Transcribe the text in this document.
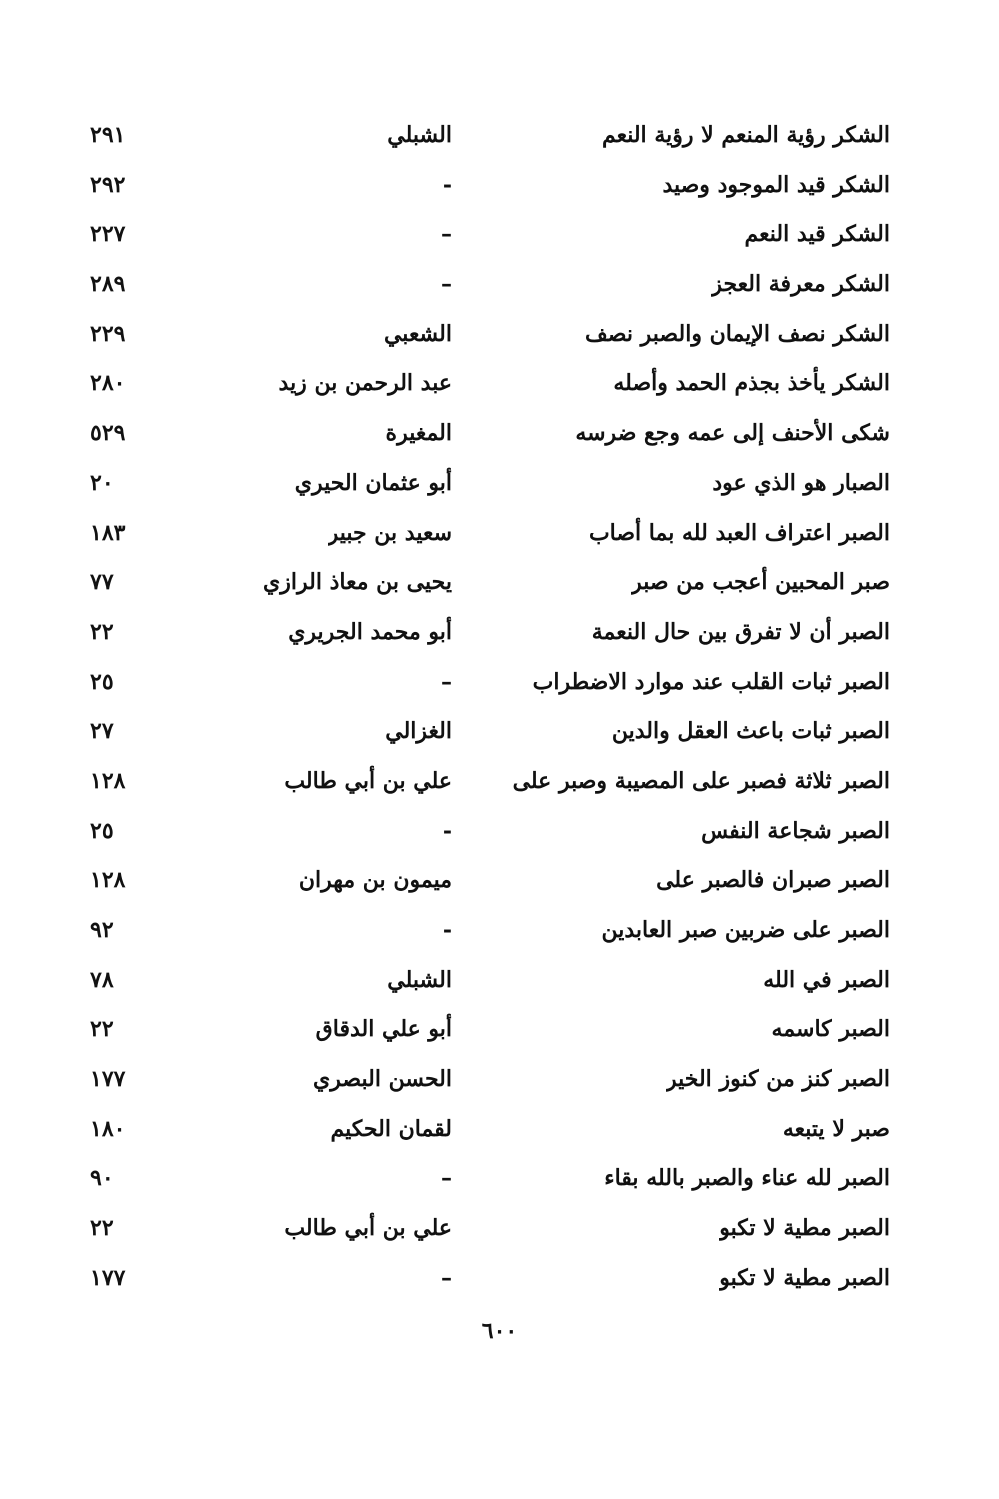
الشكر رؤية المنعم لا رؤية النعم
الشبلي
٢٩١
الشكر قيد الموجود وصيد
-
٢٩٢
الشكر قيد النعم
–
٢٢٧
الشكر معرفة العجز
–
٢٨٩
الشكر نصف الإيمان والصبر نصف
الشعبي
٢٢٩
الشكر يأخذ بجذم الحمد وأصله
عبد الرحمن بن زيد
٢٨٠
شكى الأحنف إلى عمه وجع ضرسه
المغيرة
٥٢٩
الصبار هو الذي عود
أبو عثمان الحيري
٢٠
الصبر اعتراف العبد لله بما أصاب
سعيد بن جبير
١٨٣
صبر المحبين أعجب من صبر
يحيى بن معاذ الرازي
٧٧
الصبر أن لا تفرق بين حال النعمة
أبو محمد الجريري
٢٢
الصبر ثبات القلب عند موارد الاضطراب
–
٢٥
الصبر ثبات باعث العقل والدين
الغزالي
٢٧
الصبر ثلاثة فصبر على المصيبة وصبر على
علي بن أبي طالب
١٢٨
الصبر شجاعة النفس
-
٢٥
الصبر صبران فالصبر على
ميمون بن مهران
١٢٨
الصبر على ضربين صبر العابدين
-
٩٢
الصبر في الله
الشبلي
٧٨
الصبر كاسمه
أبو علي الدقاق
٢٢
الصبر كنز من كنوز الخير
الحسن البصري
١٧٧
صبر لا يتبعه
لقمان الحكيم
١٨٠
الصبر لله عناء والصبر بالله بقاء
–
٩٠
الصبر مطية لا تكبو
علي بن أبي طالب
٢٢
الصبر مطية لا تكبو
–
١٧٧
٦٠٠
